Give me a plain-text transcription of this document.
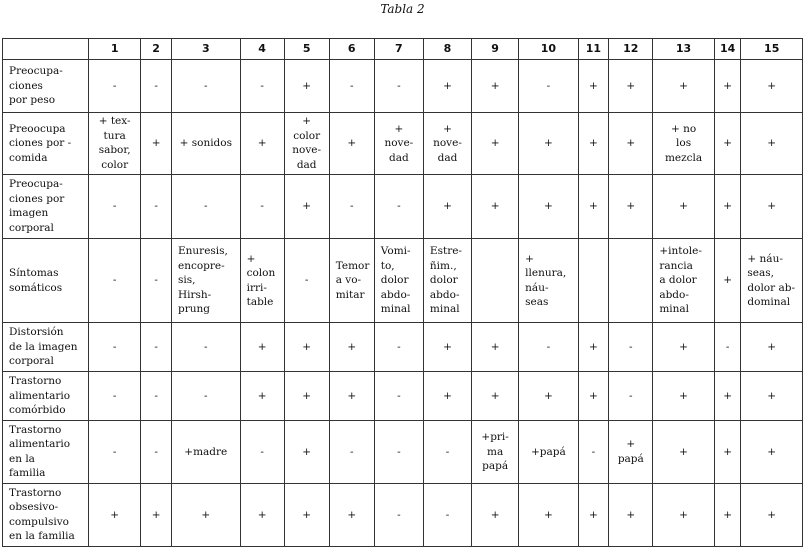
Tabla 2
	1	2	3	4	5	6	7	8	9	10	11	12	13	14	15
Preocupa-
ciones
por peso	-	-	-	-	+	-	-	+	+	-	+	+	+	+	+
Preoocupa
ciones por -
comida	+ tex-
tura
sabor,
color	+	+ sonidos	+	+
color
nove-
dad	+	+
nove-
dad	+
nove-
dad	+	+	+	+	+ no
los
mezcla	+	+
Preocupa-
ciones por
imagen
corporal	-	-	-	-	+	-	-	+	+	+	+	+	+	+	+
Síntomas
somáticos	-	-	Enuresis,
encopre-
sis,
Hirsh-
prung	+
colon
irri-
table	-	Temor
a vo-
mitar	Vomi-
to,
dolor
abdo-
minal	Estre-
ñim.,
dolor
abdo-
minal		+
llenura,
náu-
seas			+intole-
rancia
a dolor
abdo-
minal	+	+ náu-
seas,
dolor ab-
dominal
Distorsión
de la imagen
corporal	-	-	-	+	+	+	-	+	+	-	+	-	+	-	+
Trastorno
alimentario
comórbido	-	-	-	+	+	+	-	+	+	+	+	-	+	+	+
Trastorno
alimentario
en la
familia	-	-	+madre	-	+	-	-	-	+pri-
ma
papá	+papá	-	+
papá	+	+	+
Trastorno
obsesivo-
compulsivo
en la familia	+	+	+	+	+	+	-	-	+	+	+	+	+	+	+
